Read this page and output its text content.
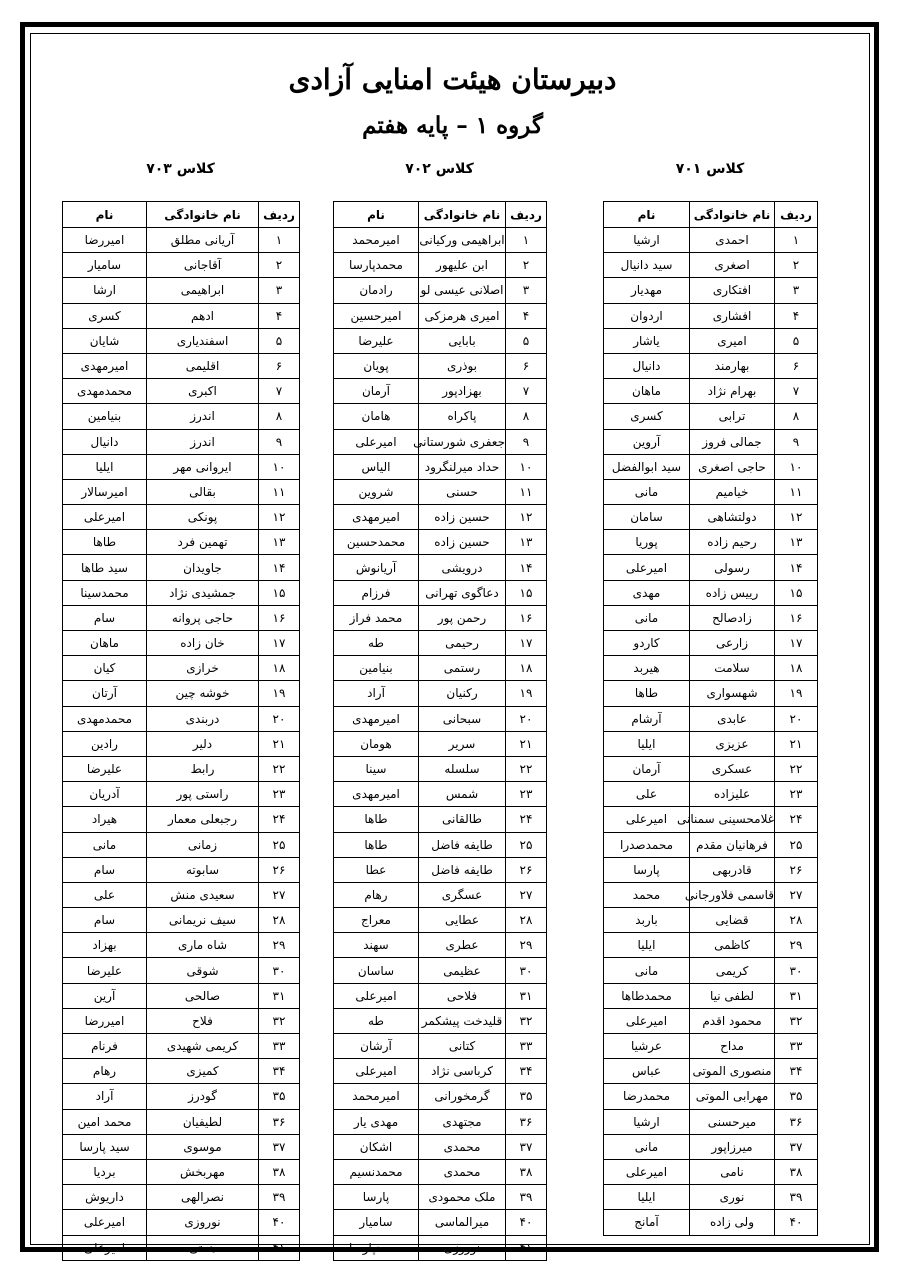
دبیرستان هیئت امنایی آزادی
گروه ۱ – پایه هفتم
کلاس ۷۰۱
کلاس ۷۰۲
کلاس ۷۰۳
ردیف	نام خانوادگی	نام
۱	احمدی	ارشیا
۲	اصغری	سید دانیال
۳	افتکاری	مهدیار
۴	افشاری	اردوان
۵	امیری	یاشار
۶	بهارمند	دانیال
۷	بهرام نژاد	ماهان
۸	ترابی	کسری
۹	جمالی فروز	آروین
۱۰	حاجی اصغری	سید ابوالفضل
۱۱	خیامیم	مانی
۱۲	دولتشاهی	سامان
۱۳	رحیم زاده	پوریا
۱۴	رسولی	امیرعلی
۱۵	رییس زاده	مهدی
۱۶	زادصالح	مانی
۱۷	زارعی	کاردو
۱۸	سلامت	هیربد
۱۹	شهسواری	طاها
۲۰	عابدی	آرشام
۲۱	عزیزی	ایلیا
۲۲	عسکری	آرمان
۲۳	علیزاده	علی
۲۴	غلامحسینی سمنانی	امیرعلی
۲۵	فرهانیان مقدم	محمدصدرا
۲۶	قادربهی	پارسا
۲۷	قاسمی فلاورجانی	محمد
۲۸	قضایی	باربد
۲۹	کاظمی	ایلیا
۳۰	کریمی	مانی
۳۱	لطفی نیا	محمدطاها
۳۲	محمود اقدم	امیرعلی
۳۳	مداح	عرشیا
۳۴	منصوری الموتی	عباس
۳۵	مهرابی الموتی	محمدرضا
۳۶	میرحسنی	ارشیا
۳۷	میرزاپور	مانی
۳۸	نامی	امیرعلی
۳۹	نوری	ایلیا
۴۰	ولی زاده	آمانج
ردیف	نام خانوادگی	نام
۱	ابراهیمی ورکیانی	امیرمحمد
۲	ابن علیهور	محمدپارسا
۳	اصلانی عیسی لو	رادمان
۴	امیری هرمزکی	امیرحسین
۵	بابایی	علیرضا
۶	بوذری	پویان
۷	بهزادپور	آرمان
۸	پاکراه	هامان
۹	جعفری شورستانی	امیرعلی
۱۰	حداد میرلنگرود	الیاس
۱۱	حسنی	شروین
۱۲	حسین زاده	امیرمهدی
۱۳	حسین زاده	محمدحسین
۱۴	درویشی	آریانوش
۱۵	دعاگوی تهرانی	فرزام
۱۶	رحمن پور	محمد فراز
۱۷	رحیمی	طه
۱۸	رستمی	بنیامین
۱۹	رکنیان	آراد
۲۰	سبحانی	امیرمهدی
۲۱	سریر	هومان
۲۲	سلسله	سینا
۲۳	شمس	امیرمهدی
۲۴	طالقانی	طاها
۲۵	طایفه فاضل	طاها
۲۶	طایفه فاضل	عطا
۲۷	عسگری	رهام
۲۸	عطایی	معراج
۲۹	عطری	سهند
۳۰	عظیمی	ساسان
۳۱	فلاحی	امیرعلی
۳۲	قلیدخت پیشکمر	طه
۳۳	کتانی	آرشان
۳۴	کرباسی نژاد	امیرعلی
۳۵	گرمخورانی	امیرمحمد
۳۶	مجتهدی	مهدی یار
۳۷	محمدی	اشکان
۳۸	محمدی	محمدنسیم
۳۹	ملک محمودی	پارسا
۴۰	میرالماسی	سامیار
۴۱	نوروزی	محمدپارسا
ردیف	نام خانوادگی	نام
۱	آریانی مطلق	امیررضا
۲	آقاجانی	سامیار
۳	ابراهیمی	ارشا
۴	ادهم	کسری
۵	اسفندیاری	شایان
۶	اقلیمی	امیرمهدی
۷	اکبری	محمدمهدی
۸	اندرز	بنیامین
۹	اندرز	دانیال
۱۰	ایروانی مهر	ایلیا
۱۱	بقالی	امیرسالار
۱۲	پونکی	امیرعلی
۱۳	تهمین فرد	طاها
۱۴	جاویدان	سید طاها
۱۵	جمشیدی نژاد	محمدسینا
۱۶	حاجی پروانه	سام
۱۷	خان زاده	ماهان
۱۸	خرازی	کیان
۱۹	خوشه چین	آرتان
۲۰	دربندی	محمدمهدی
۲۱	دلیر	رادین
۲۲	رابط	علیرضا
۲۳	راستی پور	آدریان
۲۴	رجبعلی معمار	هیراد
۲۵	زمانی	مانی
۲۶	سابوته	سام
۲۷	سعیدی منش	علی
۲۸	سیف نریمانی	سام
۲۹	شاه ماری	بهزاد
۳۰	شوقی	علیرضا
۳۱	صالحی	آرین
۳۲	فلاح	امیررضا
۳۳	کریمی شهیدی	فرنام
۳۴	کمیزی	رهام
۳۵	گودرز	آراد
۳۶	لطیفیان	محمد امین
۳۷	موسوی	سید پارسا
۳۸	مهربخش	بردیا
۳۹	نصرالهی	داریوش
۴۰	نوروزی	امیرعلی
۴۱	همتی	امیرعلی
